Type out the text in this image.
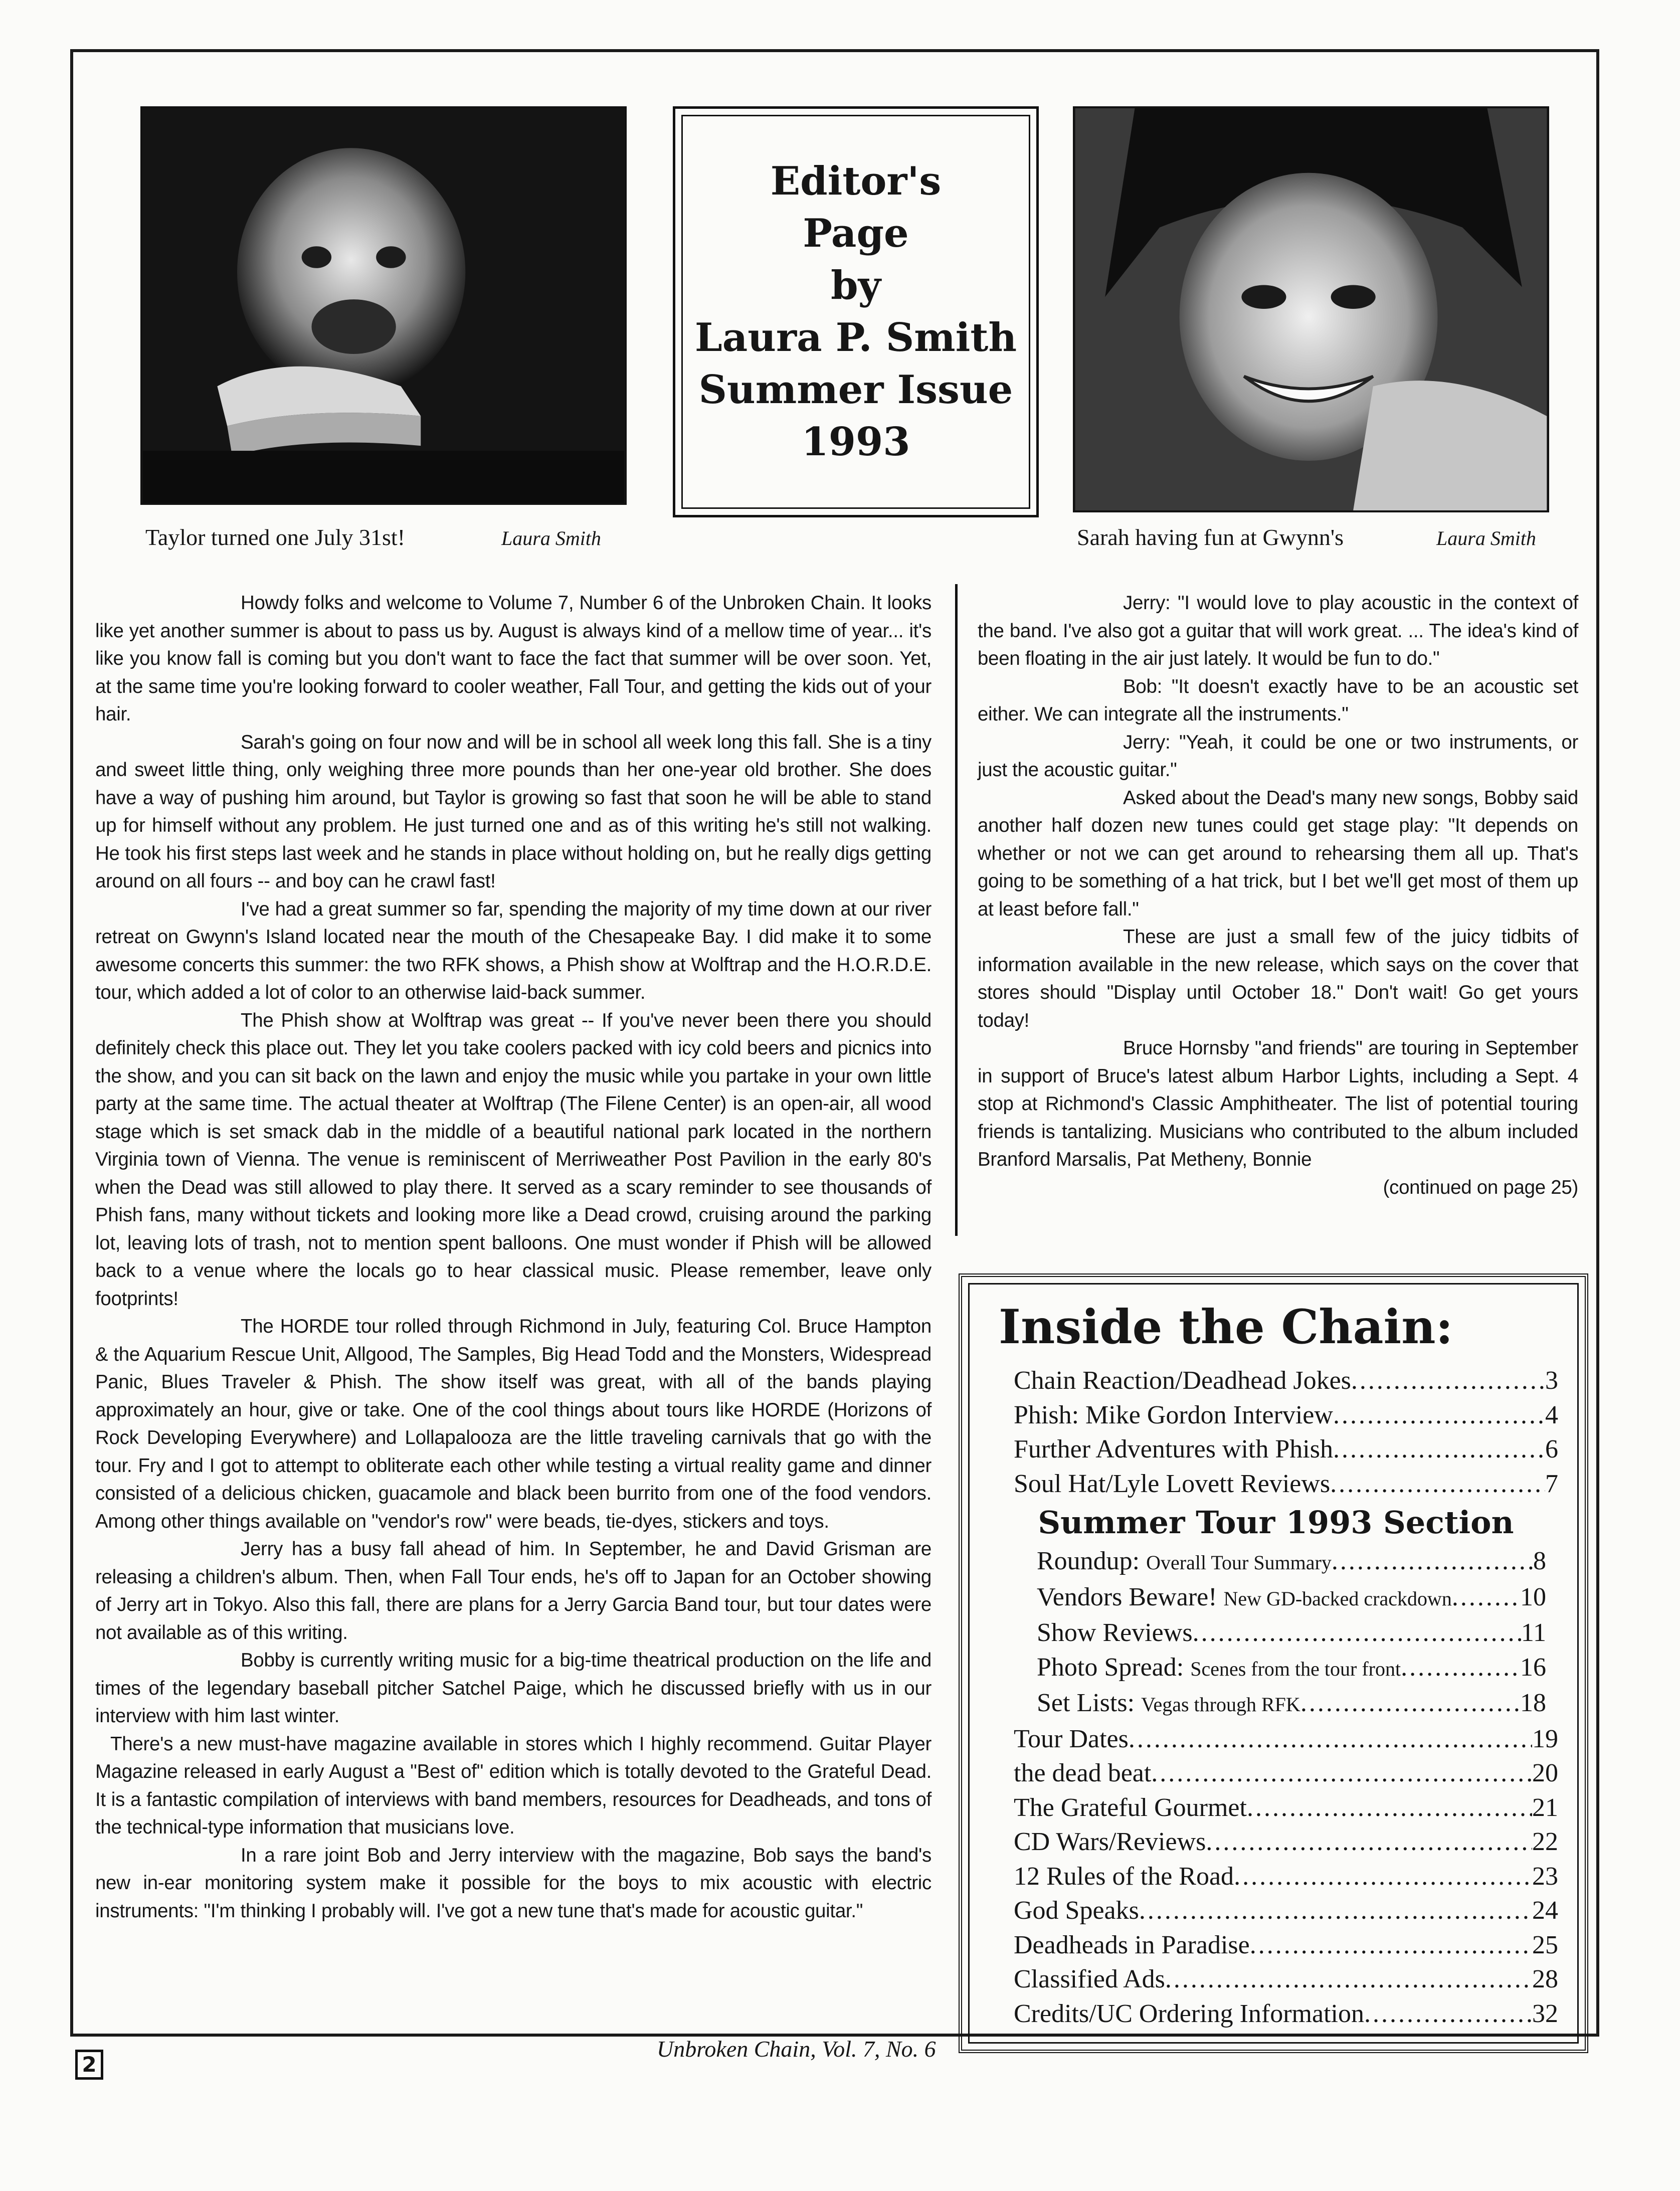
Taylor turned one July 31st!	Laura Smith
Editor's
Page
by
Laura P. Smith
Summer Issue
1993
Sarah having fun at Gwynn's	Laura Smith

Howdy folks and welcome to Volume 7, Number 6 of the Unbroken Chain. It looks like yet another summer is about to pass us by. August is always kind of a mellow time of year... it's like you know fall is coming but you don't want to face the fact that summer will be over soon. Yet, at the same time you're looking forward to cooler weather, Fall Tour, and getting the kids out of your hair.

Sarah's going on four now and will be in school all week long this fall. She is a tiny and sweet little thing, only weighing three more pounds than her one-year old brother. She does have a way of pushing him around, but Taylor is growing so fast that soon he will be able to stand up for himself without any problem. He just turned one and as of this writing he's still not walking. He took his first steps last week and he stands in place without holding on, but he really digs getting around on all fours -- and boy can he crawl fast!

I've had a great summer so far, spending the majority of my time down at our river retreat on Gwynn's Island located near the mouth of the Chesapeake Bay. I did make it to some awesome concerts this summer: the two RFK shows, a Phish show at Wolftrap and the H.O.R.D.E. tour, which added a lot of color to an otherwise laid-back summer.

The Phish show at Wolftrap was great -- If you've never been there you should definitely check this place out. They let you take coolers packed with icy cold beers and picnics into the show, and you can sit back on the lawn and enjoy the music while you partake in your own little party at the same time. The actual theater at Wolftrap (The Filene Center) is an open-air, all wood stage which is set smack dab in the middle of a beautiful national park located in the northern Virginia town of Vienna. The venue is reminiscent of Merriweather Post Pavilion in the early 80's when the Dead was still allowed to play there. It served as a scary reminder to see thousands of Phish fans, many without tickets and looking more like a Dead crowd, cruising around the parking lot, leaving lots of trash, not to mention spent balloons. One must wonder if Phish will be allowed back to a venue where the locals go to hear classical music. Please remember, leave only footprints!

The HORDE tour rolled through Richmond in July, featuring Col. Bruce Hampton & the Aquarium Rescue Unit, Allgood, The Samples, Big Head Todd and the Monsters, Widespread Panic, Blues Traveler & Phish. The show itself was great, with all of the bands playing approximately an hour, give or take. One of the cool things about tours like HORDE (Horizons of Rock Developing Everywhere) and Lollapalooza are the little traveling carnivals that go with the tour. Fry and I got to attempt to obliterate each other while testing a virtual reality game and dinner consisted of a delicious chicken, guacamole and black been burrito from one of the food vendors. Among other things available on "vendor's row" were beads, tie-dyes, stickers and toys.

Jerry has a busy fall ahead of him. In September, he and David Grisman are releasing a children's album. Then, when Fall Tour ends, he's off to Japan for an October showing of Jerry art in Tokyo. Also this fall, there are plans for a Jerry Garcia Band tour, but tour dates were not available as of this writing.

Bobby is currently writing music for a big-time theatrical production on the life and times of the legendary baseball pitcher Satchel Paige, which he discussed briefly with us in our interview with him last winter.

There's a new must-have magazine available in stores which I highly recommend. Guitar Player Magazine released in early August a "Best of" edition which is totally devoted to the Grateful Dead. It is a fantastic compilation of interviews with band members, resources for Deadheads, and tons of the technical-type information that musicians love.

In a rare joint Bob and Jerry interview with the magazine, Bob says the band's new in-ear monitoring system make it possible for the boys to mix acoustic with electric instruments: "I'm thinking I probably will. I've got a new tune that's made for acoustic guitar."

Jerry: "I would love to play acoustic in the context of the band. I've also got a guitar that will work great. ... The idea's kind of been floating in the air just lately. It would be fun to do."

Bob: "It doesn't exactly have to be an acoustic set either. We can integrate all the instruments."

Jerry: "Yeah, it could be one or two instruments, or just the acoustic guitar."

Asked about the Dead's many new songs, Bobby said another half dozen new tunes could get stage play: "It depends on whether or not we can get around to rehearsing them all up. That's going to be something of a hat trick, but I bet we'll get most of them up at least before fall."

These are just a small few of the juicy tidbits of information available in the new release, which says on the cover that stores should "Display until October 18." Don't wait! Go get yours today!

Bruce Hornsby "and friends" are touring in September in support of Bruce's latest album Harbor Lights, including a Sept. 4 stop at Richmond's Classic Amphitheater. The list of potential touring friends is tantalizing. Musicians who contributed to the album included Branford Marsalis, Pat Metheny, Bonnie

(continued on page 25)
Inside the Chain:
Chain Reaction/Deadhead Jokes .....	3
Phish: Mike Gordon Interview .....	4
Further Adventures with Phish .....	6
Soul Hat/Lyle Lovett Reviews .....	7
Summer Tour 1993 Section
Roundup: Overall Tour Summary .....	8
Vendors Beware! New GD-backed crackdown .....	10
Show Reviews .....	11
Photo Spread: Scenes from the tour front .....	16
Set Lists: Vegas through RFK .....	18
Tour Dates .....	19
the dead beat .....	20
The Grateful Gourmet .....	21
CD Wars/Reviews .....	22
12 Rules of the Road .....	23
God Speaks .....	24
Deadheads in Paradise .....	25
Classified Ads .....	28
Credits/UC Ordering Information .....	32
2
Unbroken Chain, Vol. 7, No. 6
